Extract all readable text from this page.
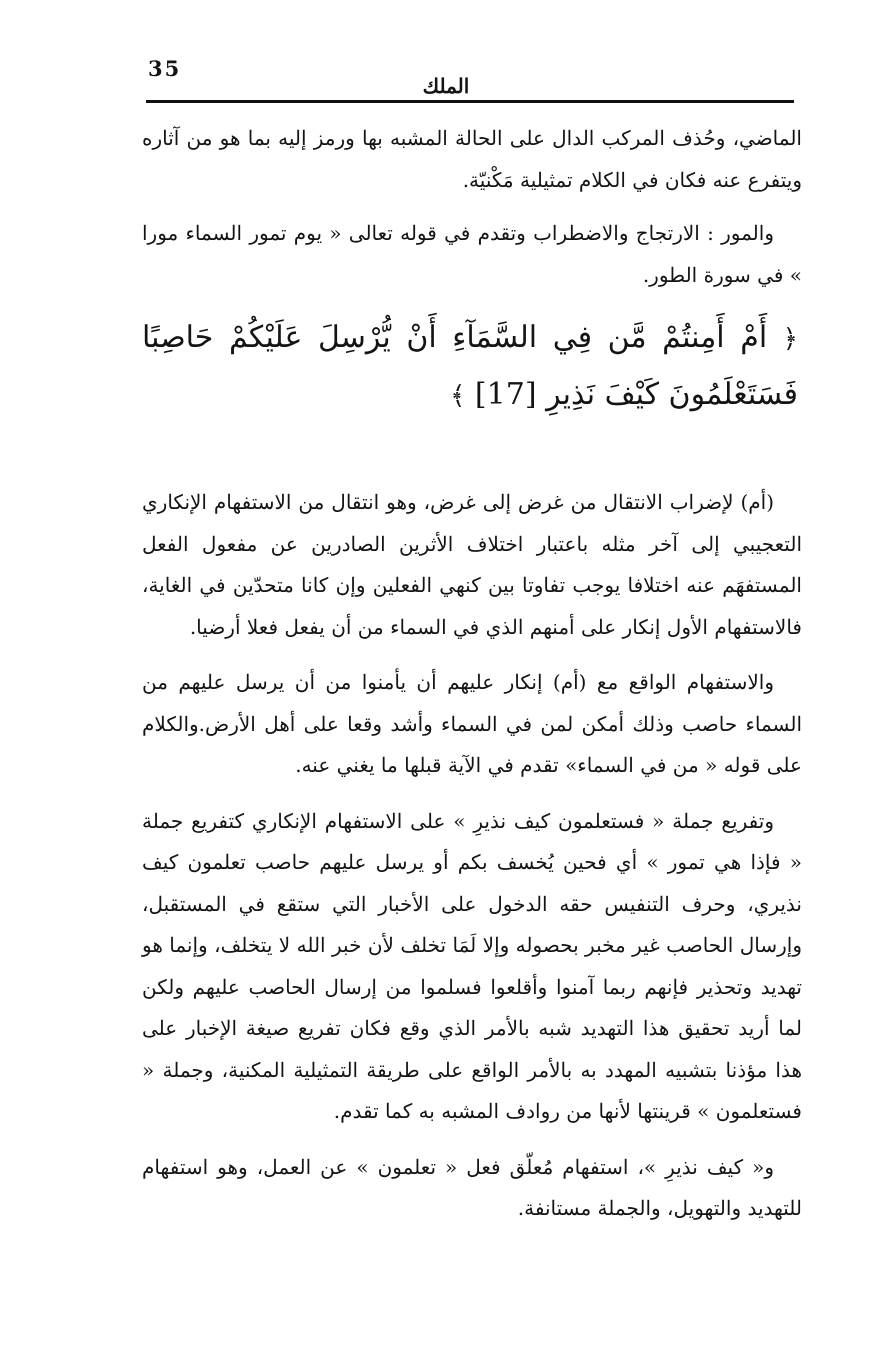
35
الملك

الماضي، وحُذف المركب الدال على الحالة المشبه بها ورمز إليه بما هو من آثاره ويتفرع عنه فكان في الكلام تمثيلية مَكْنيّة.

والمور : الارتجاج والاضطراب وتقدم في قوله تعالى « يوم تمور السماء مورا » في سورة الطور.

﴿ أَمْ أَمِنتُمْ مَّن فِي السَّمَآءِ أَنْ يُّرْسِلَ عَلَيْكُمْ حَاصِبًا فَسَتَعْلَمُونَ كَيْفَ نَذِيرِ [17] ﴾

(أم) لإضراب الانتقال من غرض إلى غرض، وهو انتقال من الاستفهام الإنكاري التعجيبي إلى آخر مثله باعتبار اختلاف الأثرين الصادرين عن مفعول الفعل المستفهَم عنه اختلافا يوجب تفاوتا بين كنهي الفعلين وإن كانا متحدّين في الغاية، فالاستفهام الأول إنكار على أمنهم الذي في السماء من أن يفعل فعلا أرضيا.

والاستفهام الواقع مع (أم) إنكار عليهم أن يأمنوا من أن يرسل عليهم من السماء حاصب وذلك أمكن لمن في السماء وأشد وقعا على أهل الأرض.والكلام على قوله « من في السماء» تقدم في الآية قبلها ما يغني عنه.

وتفريع جملة « فستعلمون كيف نذيرِ » على الاستفهام الإنكاري كتفريع جملة « فإذا هي تمور » أي فحين يُخسف بكم أو يرسل عليهم حاصب تعلمون كيف نذيري، وحرف التنفيس حقه الدخول على الأخبار التي ستقع في المستقبل، وإرسال الحاصب غير مخبر بحصوله وإلا لَمَا تخلف لأن خبر الله لا يتخلف، وإنما هو تهديد وتحذير فإنهم ربما آمنوا وأقلعوا فسلموا من إرسال الحاصب عليهم ولكن لما أريد تحقيق هذا التهديد شبه بالأمر الذي وقع فكان تفريع صيغة الإخبار على هذا مؤذنا بتشبيه المهدد به بالأمر الواقع على طريقة التمثيلية المكنية، وجملة « فستعلمون » قرينتها لأنها من روادف المشبه به كما تقدم.

و« كيف نذيرِ »، استفهام مُعلّق فعل « تعلمون » عن العمل، وهو استفهام للتهديد والتهويل، والجملة مستانفة.
